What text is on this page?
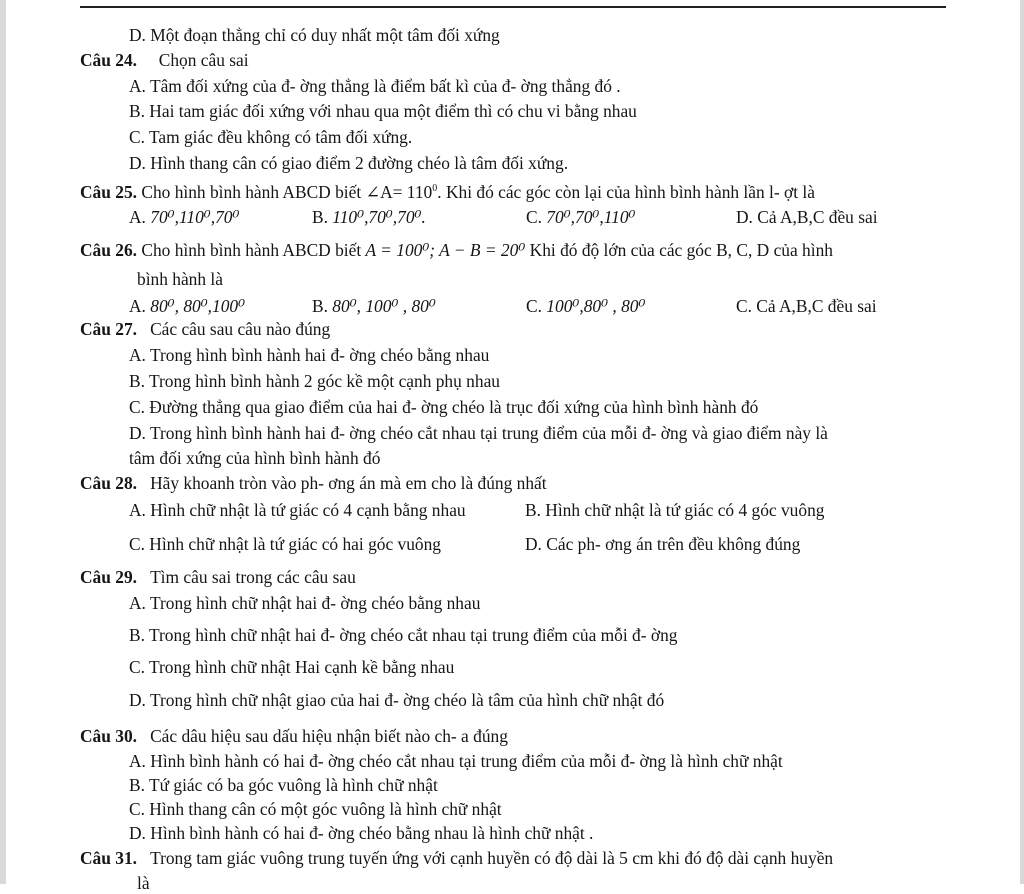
D. Một đoạn thẳng chỉ có duy nhất một tâm đối xứng
Câu 24. Chọn câu sai
A. Tâm đối xứng của đ- ờng thẳng là điểm bất kì của đ- ờng thẳng đó .
B. Hai tam giác đối xứng với nhau qua một điểm thì có chu vi bằng nhau
C. Tam giác đều không có tâm đối xứng.
D. Hình thang cân có giao điểm 2 đường chéo là tâm đối xứng.
Câu 25. Cho hình bình hành ABCD biết ∠A= $110^0$. Khi đó các góc còn lại của hình bình hành lần l- ợt là
A. 70⁰,110⁰,70⁰	B. 110⁰,70⁰,70⁰.	C. 70⁰,70⁰,110⁰	D. Cả A,B,C đều sai
Câu 26. Cho hình bình hành ABCD biết A = 100⁰; A − B = 20⁰ Khi đó độ lớn của các góc B, C, D của hình
bình hành là
A. 80⁰, 80⁰,100⁰	B. 80⁰, 100⁰ , 80⁰	C. 100⁰,80⁰ , 80⁰	C. Cả A,B,C đều sai
Câu 27. Các câu sau câu nào đúng
A. Trong hình bình hành hai đ- ờng chéo bằng nhau
B. Trong hình bình hành 2 góc kề một cạnh phụ nhau
C. Đường thẳng qua giao điểm của hai đ- ờng chéo là trục đối xứng của hình bình hành đó
D. Trong hình bình hành hai đ- ờng chéo cắt nhau tại trung điểm của mỗi đ- ờng và giao điểm này là
tâm đối xứng của hình bình hành đó
Câu 28. Hãy khoanh tròn vào ph- ơng án mà em cho là đúng nhất
A. Hình chữ nhật là tứ giác có 4 cạnh bằng nhau	B. Hình chữ nhật là tứ giác có 4 góc vuông
C. Hình chữ nhật là tứ giác có hai góc vuông	D. Các ph- ơng án trên đều không đúng
Câu 29. Tìm câu sai trong các câu sau
A. Trong hình chữ nhật hai đ- ờng chéo bằng nhau
B. Trong hình chữ nhật hai đ- ờng chéo cắt nhau tại trung điểm của mỗi đ- ờng
C. Trong hình chữ nhật Hai cạnh kề bằng nhau
D. Trong hình chữ nhật giao của hai đ- ờng chéo là tâm của hình chữ nhật đó
Câu 30. Các dâu hiệu sau dấu hiệu nhận biết nào ch- a đúng
A. Hình bình hành có hai đ- ờng chéo cắt nhau tại trung điểm của mỗi đ- ờng là hình chữ nhật
B. Tứ giác có ba góc vuông là hình chữ nhật
C. Hình thang cân có một góc vuông là hình chữ nhật
D. Hình bình hành có hai đ- ờng chéo bằng nhau là hình chữ nhật .
Câu 31. Trong tam giác vuông trung tuyến ứng với cạnh huyền có độ dài là 5 cm khi đó độ dài cạnh huyền
là
